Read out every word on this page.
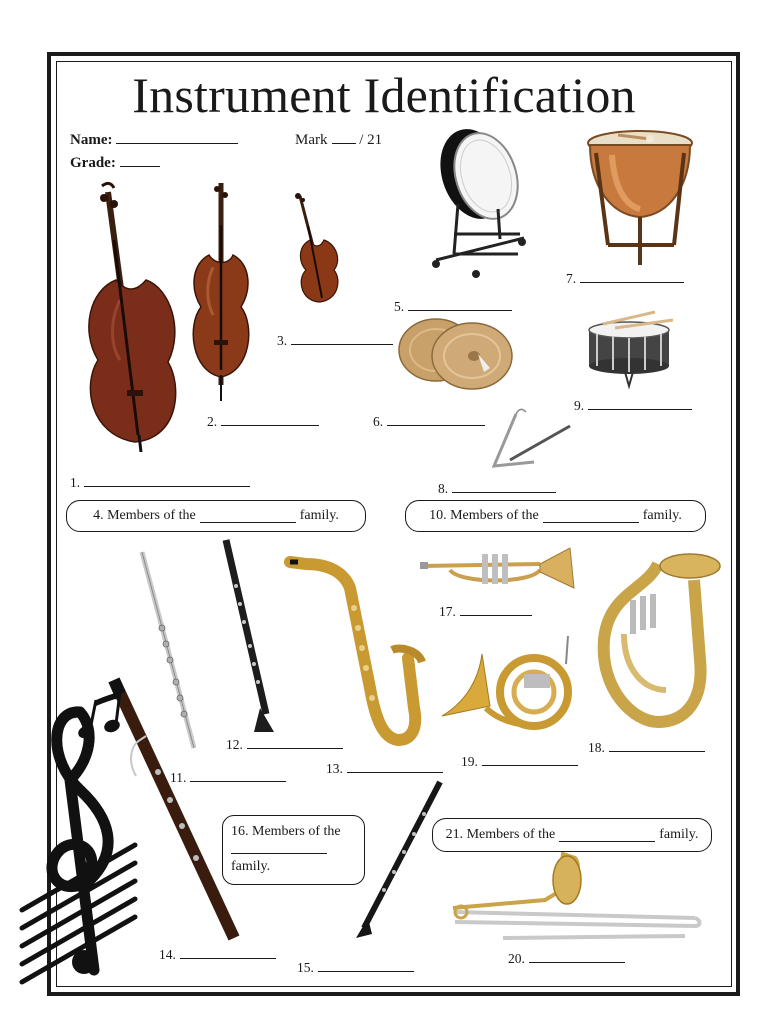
Instrument Identification
Name:
Grade:
Mark / 21
1.
2.
3.
5.
6.
7.
8.
9.
4. Members of the	family.	10. Members of the	family.
17.
12.	18.
19.
13.
11.
16. Members of the
family.
21. Members of the	family.
14.
15.
20.
